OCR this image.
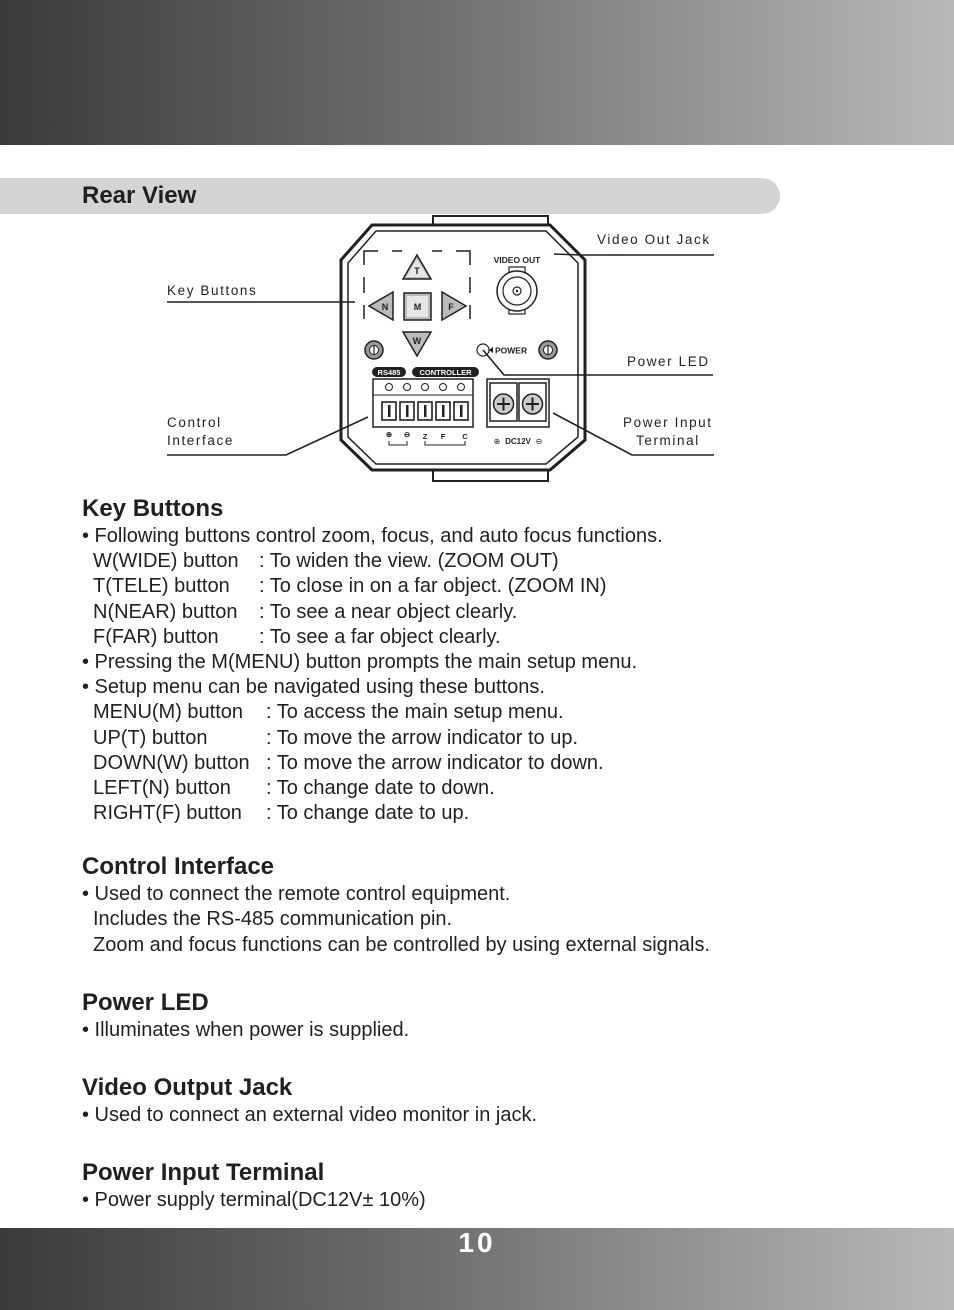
Rear View
T
N	M	F
W
VIDEO OUT
POWER
RS485	CONTROLLER
⊕ ⊖ Z F C
DC12V
⊕	⊖
Video Out Jack
Key Buttons
Power LED
Control
Interface
Power Input
Terminal
Key Buttons
• Following buttons control zoom, focus, and auto focus functions.
W(WIDE) button	: To widen the view. (ZOOM OUT)
T(TELE) button	: To close in on a far object. (ZOOM IN)
N(NEAR) button	: To see a near object clearly.
F(FAR) button	: To see a far object clearly.
• Pressing the M(MENU) button prompts the main setup menu.
• Setup menu can be navigated using these buttons.
MENU(M) button	: To access the main setup menu.
UP(T) button	: To move the arrow indicator to up.
DOWN(W) button : To move the arrow indicator to down.
LEFT(N) button	: To change date to down.
RIGHT(F) button	: To change date to up.
Control Interface
• Used to connect the remote control equipment.
Includes the RS-485 communication pin.
Zoom and focus functions can be controlled by using external signals.
Power LED
• Illuminates when power is supplied.
Video Output Jack
• Used to connect an external video monitor in jack.
Power Input Terminal
• Power supply terminal(DC12V± 10%)
10
